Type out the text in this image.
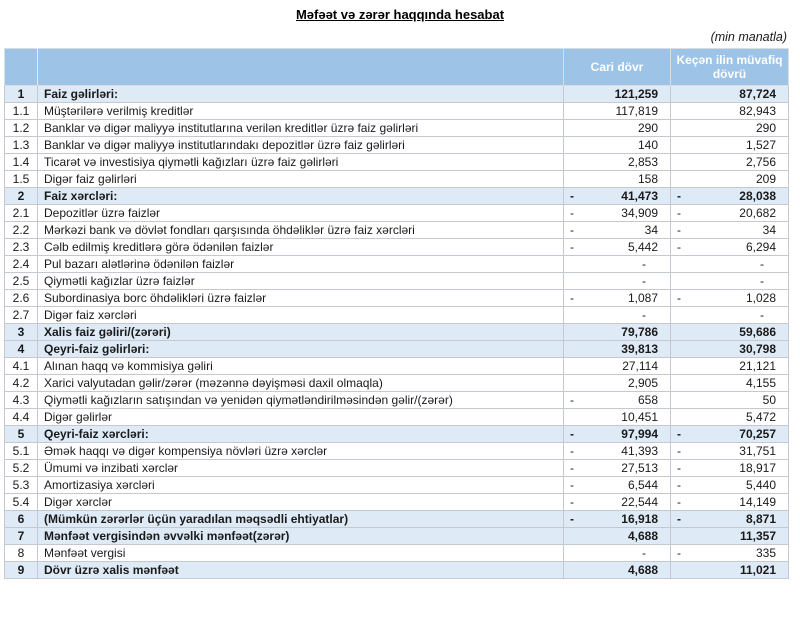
Məfəət və zərər haqqında hesabat
(min manatla)
		Cari dövr	Keçən ilin müvafiq dövrü
1	Faiz gəlirləri:	121,259	87,724
1.1	Müştərilərə verilmiş kreditlər	117,819	82,943
1.2	Banklar və digər maliyyə institutlarına verilən kreditlər üzrə faiz gəlirləri	290	290
1.3	Banklar və digər maliyyə institutlarındakı depozitlər üzrə faiz gəlirləri	140	1,527
1.4	Ticarət və investisiya qiymətli kağızları üzrə faiz gəlirləri	2,853	2,756
1.5	Digər faiz gəlirləri	158	209
2	Faiz xərcləri:	- 41,473	- 28,038
2.1	Depozitlər üzrə faizlər	- 34,909	- 20,682
2.2	Mərkəzi bank və dövlət fondları qarşısında öhdəliklər üzrə faiz xərcləri	- 34	- 34
2.3	Cəlb edilmiş kreditlərə görə ödənilən faizlər	- 5,442	- 6,294
2.4	Pul bazarı alətlərinə ödənilən faizlər	-	-
2.5	Qiymətli kağızlar üzrə faizlər	-	-
2.6	Subordinasiya borc öhdəlikləri üzrə faizlər	- 1,087	- 1,028
2.7	Digər faiz xərcləri	-	-
3	Xalis faiz gəliri/(zərəri)	79,786	59,686
4	Qeyri-faiz gəlirləri:	39,813	30,798
4.1	Alınan haqq və kommisiya gəliri	27,114	21,121
4.2	Xarici valyutadan gəlir/zərər (məzənnə dəyişməsi daxil olmaqla)	2,905	4,155
4.3	Qiymətli kağızların satışından və yenidən qiymətləndirilməsindən gəlir/(zərər)	- 658	50
4.4	Digər gəlirlər	10,451	5,472
5	Qeyri-faiz xərcləri:	- 97,994	- 70,257
5.1	Əmək haqqı və digər kompensiya növləri üzrə xərclər	- 41,393	- 31,751
5.2	Ümumi və inzibati xərclər	- 27,513	- 18,917
5.3	Amortizasiya xərcləri	- 6,544	- 5,440
5.4	Digər xərclər	- 22,544	- 14,149
6	(Mümkün zərərlər üçün yaradılan məqsədli ehtiyatlar)	- 16,918	- 8,871
7	Mənfəət vergisindən əvvəlki mənfəət(zərər)	4,688	11,357
8	Mənfəət vergisi	-	- 335
9	Dövr üzrə xalis mənfəət	4,688	11,021
